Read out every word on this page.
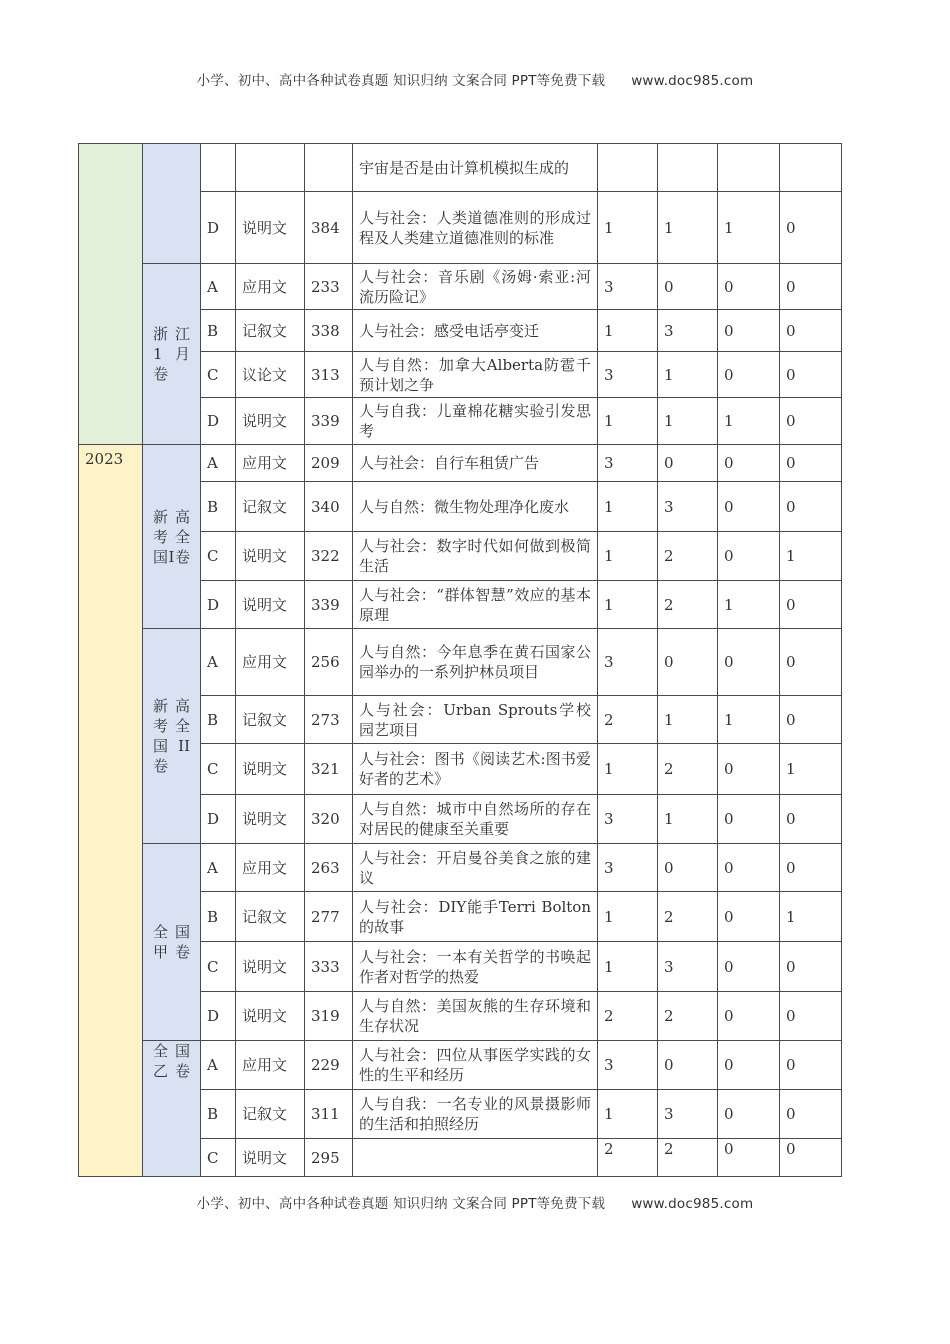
小学、初中、高中各种试卷真题 知识归纳 文案合同 PPT等免费下载 www.doc985.com
					宇宙是否是由计算机模拟生成的				
		D	说明文	384	人与社会：人类道德准则的形成过程及人类建立道德准则的标准	1	1	1	0
	浙江1月卷	A	应用文	233	人与社会：音乐剧《汤姆·索亚:河流历险记》	3	0	0	0
		B	记叙文	338	人与社会：感受电话亭变迁	1	3	0	0
		C	议论文	313	人与自然：加拿大Alberta防雹千预计划之争	3	1	0	0
		D	说明文	339	人与自我：儿童棉花糖实验引发思考	1	1	1	0
2023	新高考全国I卷	A	应用文	209	人与社会：自行车租赁广告	3	0	0	0
		B	记叙文	340	人与自然：微生物处理净化废水	1	3	0	0
		C	说明文	322	人与社会：数字时代如何做到极简生活	1	2	0	1
		D	说明文	339	人与社会：“群体智慧”效应的基本原理	1	2	1	0
	新高考全国II卷	A	应用文	256	人与自然：今年息季在黄石国家公园举办的一系列护林员项目	3	0	0	0
		B	记叙文	273	人与社会：Urban Sprouts学校园艺项目	2	1	1	0
		C	说明文	321	人与社会：图书《阅读艺术:图书爱好者的艺术》	1	2	0	1
		D	说明文	320	人与自然：城市中自然场所的存在对居民的健康至关重要	3	1	0	0
	全国甲卷	A	应用文	263	人与社会：开启曼谷美食之旅的建议	3	0	0	0
		B	记叙文	277	人与社会：DIY能手Terri Bolton的故事	1	2	0	1
		C	说明文	333	人与社会：一本有关哲学的书唤起作者对哲学的热爱	1	3	0	0
		D	说明文	319	人与自然：美国灰熊的生存环境和生存状况	2	2	0	0
	全国乙卷	A	应用文	229	人与社会：四位从事医学实践的女性的生平和经历	3	0	0	0
		B	记叙文	311	人与自我：一名专业的风景摄影师的生活和拍照经历	1	3	0	0
		C	说明文	295		2	2	0	0
小学、初中、高中各种试卷真题 知识归纳 文案合同 PPT等免费下载 www.doc985.com
